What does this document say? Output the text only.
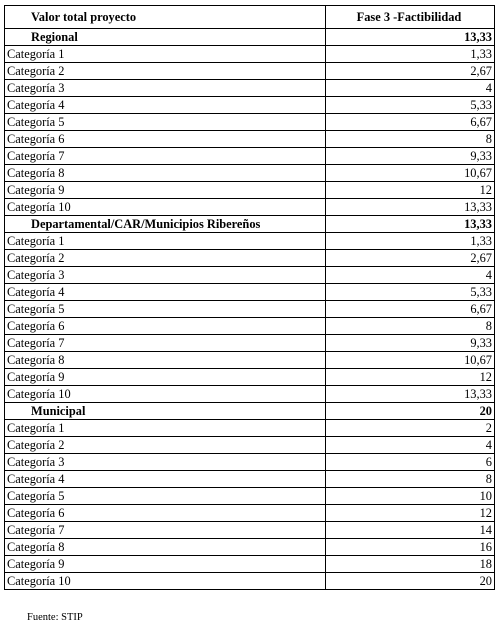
Valor total proyecto	Fase 3 -Factibilidad
Regional	13,33
Categoría 1	1,33
Categoría 2	2,67
Categoría 3	4
Categoría 4	5,33
Categoría 5	6,67
Categoría 6	8
Categoría 7	9,33
Categoría 8	10,67
Categoría 9	12
Categoría 10	13,33
Departamental/CAR/Municipios Ribereños	13,33
Categoría 1	1,33
Categoría 2	2,67
Categoría 3	4
Categoría 4	5,33
Categoría 5	6,67
Categoría 6	8
Categoría 7	9,33
Categoría 8	10,67
Categoría 9	12
Categoría 10	13,33
Municipal	20
Categoría 1	2
Categoría 2	4
Categoría 3	6
Categoría 4	8
Categoría 5	10
Categoría 6	12
Categoría 7	14
Categoría 8	16
Categoría 9	18
Categoría 10	20
Fuente: STIP
